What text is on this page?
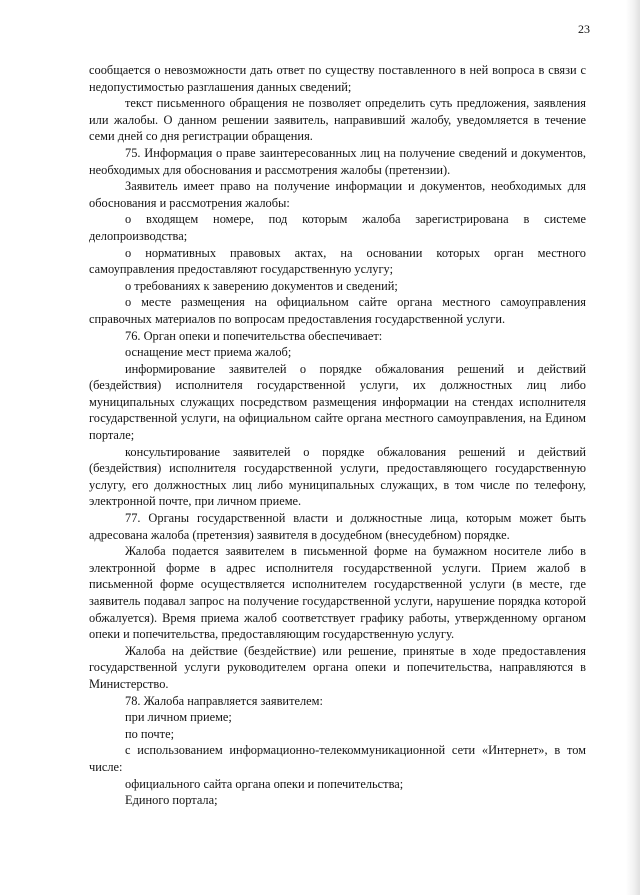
23

сообщается о невозможности дать ответ по существу поставленного в ней вопроса в связи с недопустимостью разглашения данных сведений;

текст письменного обращения не позволяет определить суть предложения, заявления или жалобы. О данном решении заявитель, направивший жалобу, уведомляется в течение семи дней со дня регистрации обращения.

75. Информация о праве заинтересованных лиц на получение сведений и документов, необходимых для обоснования и рассмотрения жалобы (претензии).

Заявитель имеет право на получение информации и документов, необходимых для обоснования и рассмотрения жалобы:

о входящем номере, под которым жалоба зарегистрирована в системе делопроизводства;

о нормативных правовых актах, на основании которых орган местного самоуправления предоставляют государственную услугу;

о требованиях к заверению документов и сведений;

о месте размещения на официальном сайте органа местного самоуправления справочных материалов по вопросам предоставления государственной услуги.

76. Орган опеки и попечительства обеспечивает:

оснащение мест приема жалоб;

информирование заявителей о порядке обжалования решений и действий (бездействия) исполнителя государственной услуги, их должностных лиц либо муниципальных служащих посредством размещения информации на стендах исполнителя государственной услуги, на официальном сайте органа местного самоуправления, на Едином портале;

консультирование заявителей о порядке обжалования решений и действий (бездействия) исполнителя государственной услуги, предоставляющего государственную услугу, его должностных лиц либо муниципальных служащих, в том числе по телефону, электронной почте, при личном приеме.

77. Органы государственной власти и должностные лица, которым может быть адресована жалоба (претензия) заявителя в досудебном (внесудебном) порядке.

Жалоба подается заявителем в письменной форме на бумажном носителе либо в электронной форме в адрес исполнителя государственной услуги. Прием жалоб в письменной форме осуществляется исполнителем государственной услуги (в месте, где заявитель подавал запрос на получение государственной услуги, нарушение порядка которой обжалуется). Время приема жалоб соответствует графику работы, утвержденному органом опеки и попечительства, предоставляющим государственную услугу.

Жалоба на действие (бездействие) или решение, принятые в ходе предоставления государственной услуги руководителем органа опеки и попечительства, направляются в Министерство.

78. Жалоба направляется заявителем:

при личном приеме;

по почте;

с использованием информационно-телекоммуникационной сети «Интернет», в том числе:

официального сайта органа опеки и попечительства;

Единого портала;
